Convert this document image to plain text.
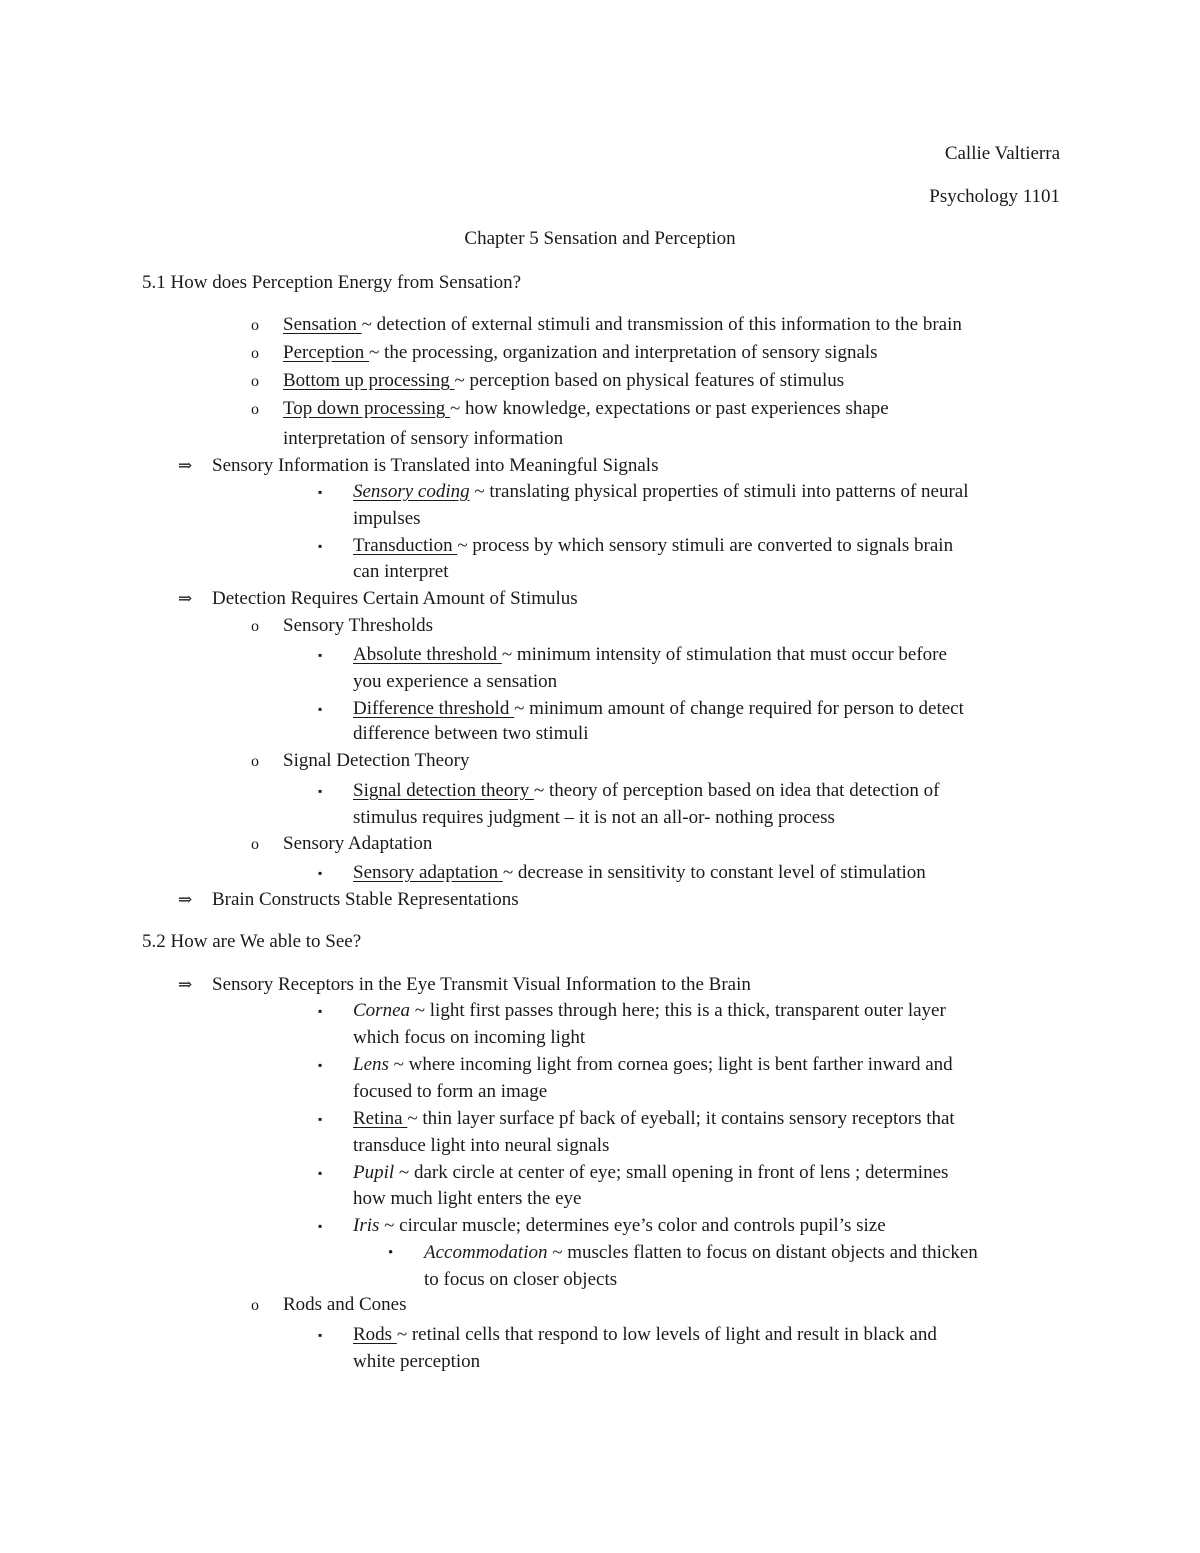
Callie Valtierra
Psychology 1101
Chapter 5 Sensation and Perception
5.1 How does Perception Energy from Sensation?
o Sensation ~ detection of external stimuli and transmission of this information to the brain
o Perception ~ the processing, organization and interpretation of sensory signals
o Bottom up processing ~ perception based on physical features of stimulus
o Top down processing ~ how knowledge, expectations or past experiences shape
interpretation of sensory information
⇒ Sensory Information is Translated into Meaningful Signals
▪ Sensory coding ~ translating physical properties of stimuli into patterns of neural
impulses
▪ Transduction ~ process by which sensory stimuli are converted to signals brain
can interpret
⇒ Detection Requires Certain Amount of Stimulus
o Sensory Thresholds
▪ Absolute threshold ~ minimum intensity of stimulation that must occur before
you experience a sensation
▪ Difference threshold ~ minimum amount of change required for person to detect
difference between two stimuli
o Signal Detection Theory
▪ Signal detection theory ~ theory of perception based on idea that detection of
stimulus requires judgment – it is not an all-or- nothing process
o Sensory Adaptation
▪ Sensory adaptation ~ decrease in sensitivity to constant level of stimulation
⇒ Brain Constructs Stable Representations
5.2 How are We able to See?
⇒ Sensory Receptors in the Eye Transmit Visual Information to the Brain
▪ Cornea ~ light first passes through here; this is a thick, transparent outer layer
which focus on incoming light
▪ Lens ~ where incoming light from cornea goes; light is bent farther inward and
focused to form an image
▪ Retina ~ thin layer surface pf back of eyeball; it contains sensory receptors that
transduce light into neural signals
▪ Pupil ~ dark circle at center of eye; small opening in front of lens ; determines
how much light enters the eye
▪ Iris ~ circular muscle; determines eye’s color and controls pupil’s size
• Accommodation ~ muscles flatten to focus on distant objects and thicken
to focus on closer objects
o Rods and Cones
▪ Rods ~ retinal cells that respond to low levels of light and result in black and
white perception
